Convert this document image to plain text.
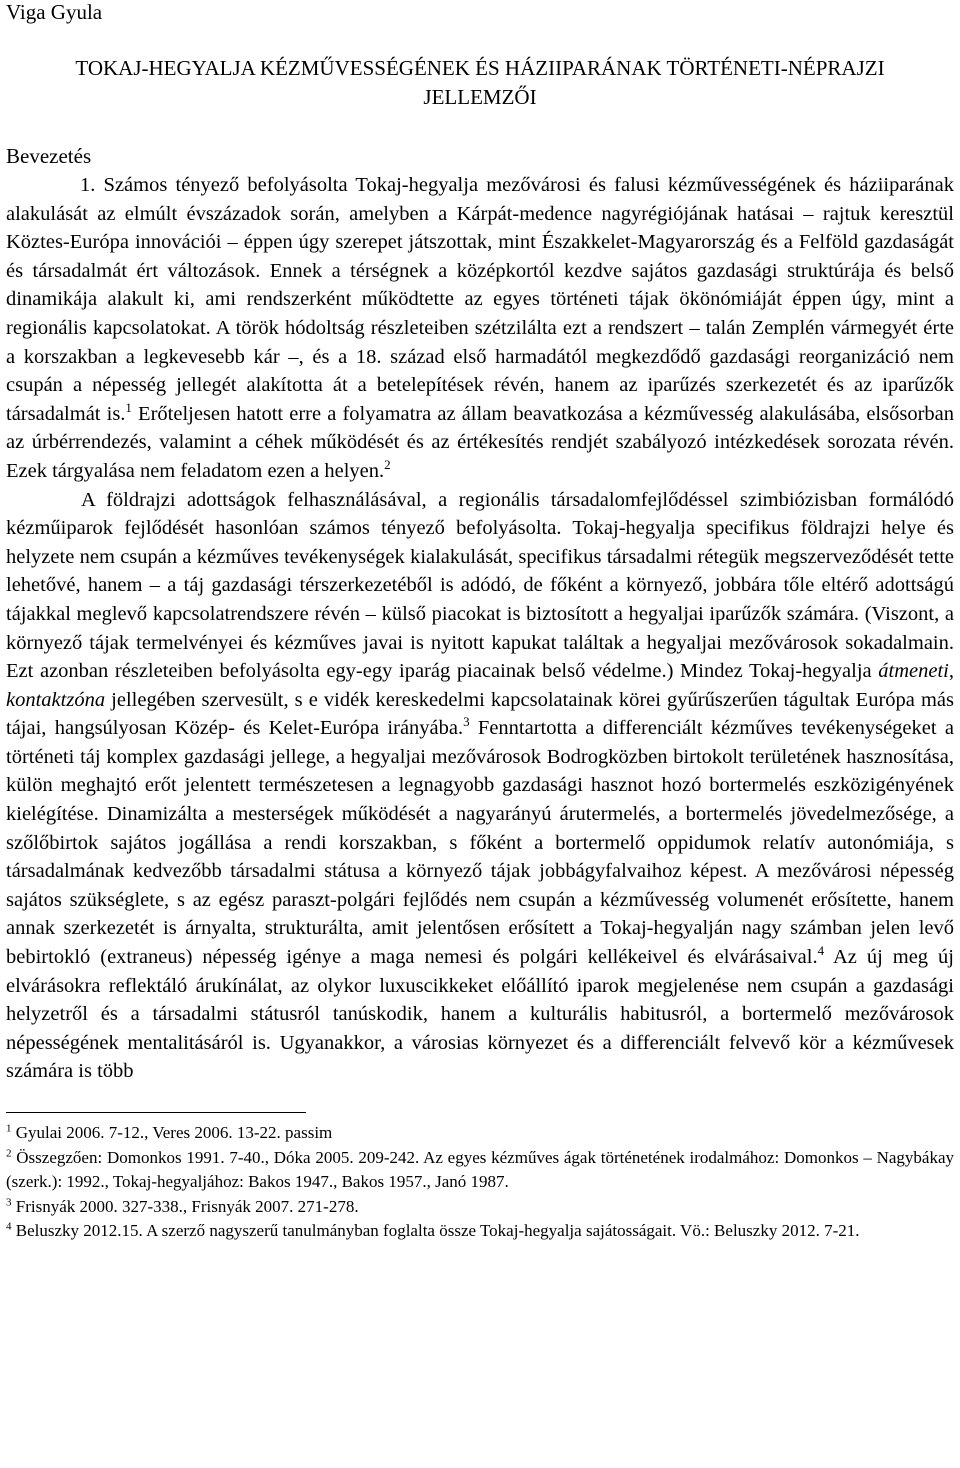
Viga Gyula

TOKAJ-HEGYALJA KÉZMŰVESSÉGÉNEK ÉS HÁZIIPARÁNAK TÖRTÉNETI-NÉPRAJZI JELLEMZŐI
Bevezetés

1. Számos tényező befolyásolta Tokaj-hegyalja mezővárosi és falusi kézművességének és háziiparának alakulását az elmúlt évszázadok során, amelyben a Kárpát-medence nagyrégiójának hatásai – rajtuk keresztül Köztes-Európa innovációi – éppen úgy szerepet játszottak, mint Északkelet-Magyarország és a Felföld gazdaságát és társadalmát ért változások. Ennek a térségnek a középkortól kezdve sajátos gazdasági struktúrája és belső dinamikája alakult ki, ami rendszerként működtette az egyes történeti tájak ökönómiáját éppen úgy, mint a regionális kapcsolatokat. A török hódoltság részleteiben szétzilálta ezt a rendszert – talán Zemplén vármegyét érte a korszakban a legkevesebb kár –, és a 18. század első harmadától megkezdődő gazdasági reorganizáció nem csupán a népesség jellegét alakította át a betelepítések révén, hanem az iparűzés szerkezetét és az iparűzők társadalmát is.$^1$ Erőteljesen hatott erre a folyamatra az állam beavatkozása a kézművesség alakulásába, elsősorban az úrbérrendezés, valamint a céhek működését és az értékesítés rendjét szabályozó intézkedések sorozata révén. Ezek tárgyalása nem feladatom ezen a helyen.$^2$

A földrajzi adottságok felhasználásával, a regionális társadalomfejlődéssel szimbiózisban formálódó kézműiparok fejlődését hasonlóan számos tényező befolyásolta. Tokaj-hegyalja specifikus földrajzi helye és helyzete nem csupán a kézműves tevékenységek kialakulását, specifikus társadalmi rétegük megszerveződését tette lehetővé, hanem – a táj gazdasági térszerkezetéből is adódó, de főként a környező, jobbára tőle eltérő adottságú tájakkal meglevő kapcsolatrendszere révén – külső piacokat is biztosított a hegyaljai iparűzők számára. (Viszont, a környező tájak termelvényei és kézműves javai is nyitott kapukat találtak a hegyaljai mezővárosok sokadalmain. Ezt azonban részleteiben befolyásolta egy-egy iparág piacainak belső védelme.) Mindez Tokaj-hegyalja átmeneti, kontaktzóna jellegében szervesült, s e vidék kereskedelmi kapcsolatainak körei gyűrűszerűen tágultak Európa más tájai, hangsúlyosan Közép- és Kelet-Európa irányába.$^3$ Fenntartotta a differenciált kézműves tevékenységeket a történeti táj komplex gazdasági jellege, a hegyaljai mezővárosok Bodrogközben birtokolt területének hasznosítása, külön meghajtó erőt jelentett természetesen a legnagyobb gazdasági hasznot hozó bortermelés eszközigényének kielégítése. Dinamizálta a mesterségek működését a nagyarányú árutermelés, a bortermelés jövedelmezősége, a szőlőbirtok sajátos jogállása a rendi korszakban, s főként a bortermelő oppidumok relatív autonómiája, s társadalmának kedvezőbb társadalmi státusa a környező tájak jobbágyfalvaihoz képest. A mezővárosi népesség sajátos szükséglete, s az egész paraszt-polgári fejlődés nem csupán a kézművesség volumenét erősítette, hanem annak szerkezetét is árnyalta, strukturálta, amit jelentősen erősített a Tokaj-hegyalján nagy számban jelen levő bebirtokló (extraneus) népesség igénye a maga nemesi és polgári kellékeivel és elvárásaival.$^4$ Az új meg új elvárásokra reflektáló árukínálat, az olykor luxuscikkeket előállító iparok megjelenése nem csupán a gazdasági helyzetről és a társadalmi státusról tanúskodik, hanem a kulturális habitusról, a bortermelő mezővárosok népességének mentalitásáról is. Ugyanakkor, a városias környezet és a differenciált felvevő kör a kézművesek számára is több

$^1$ Gyulai 2006. 7-12., Veres 2006. 13-22. passim

$^2$ Összegzően: Domonkos 1991. 7-40., Dóka 2005. 209-242. Az egyes kézműves ágak történetének irodalmához: Domonkos – Nagybákay (szerk.): 1992., Tokaj-hegyaljához: Bakos 1947., Bakos 1957., Janó 1987.

$^3$ Frisnyák 2000. 327-338., Frisnyák 2007. 271-278.

$^4$ Beluszky 2012.15. A szerző nagyszerű tanulmányban foglalta össze Tokaj-hegyalja sajátosságait. Vö.: Beluszky 2012. 7-21.
